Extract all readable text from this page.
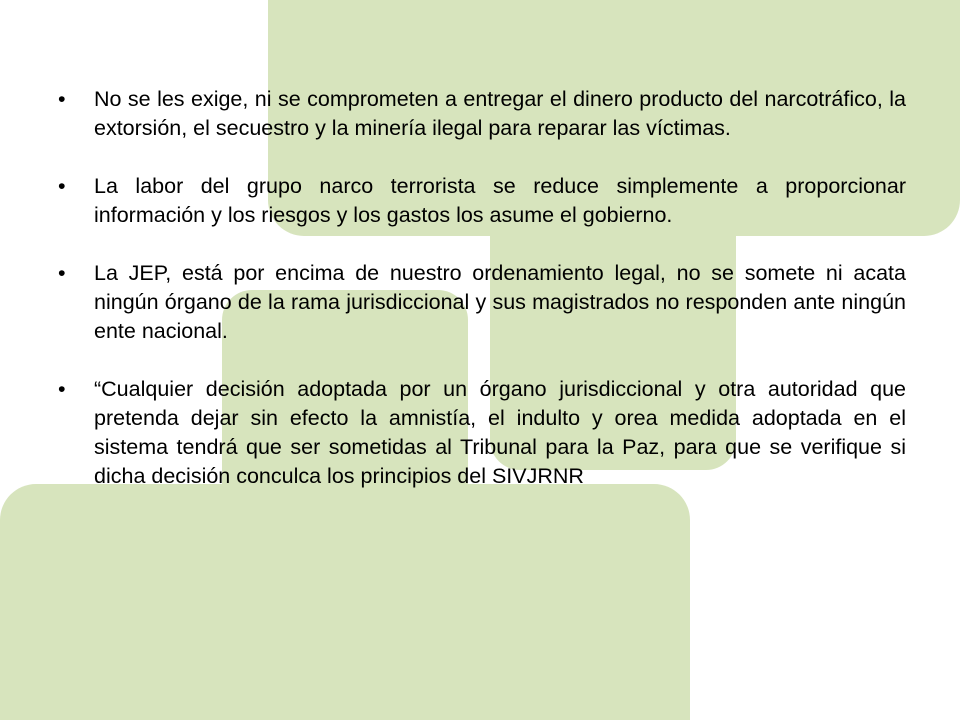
• No se les exige, ni se comprometen a entregar el dinero producto del narcotráfico, la extorsión, el secuestro y la minería ilegal para reparar las víctimas.
• La labor del grupo narco terrorista se reduce simplemente a proporcionar información y los riesgos y los gastos los asume el gobierno.
• La JEP, está por encima de nuestro ordenamiento legal, no se somete ni acata ningún órgano de la rama jurisdiccional y sus magistrados no responden ante ningún ente nacional.
• “Cualquier decisión adoptada por un órgano jurisdiccional y otra autoridad que pretenda dejar sin efecto la amnistía, el indulto y orea medida adoptada en el sistema tendrá que ser sometidas al Tribunal para la Paz, para que se verifique si dicha decisión conculca los principios del SIVJRNR
